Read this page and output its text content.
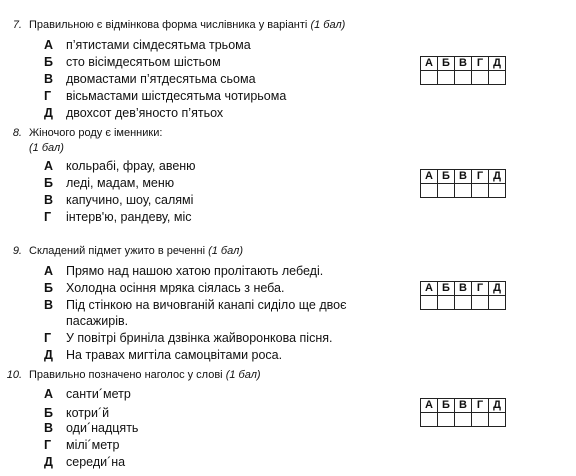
7. Правильною є відмінкова форма числівника у варіанті (1 бал)
А п’ятистами сімдесятьма трьома
Б сто вісімдесятьом шістьом
В двомастами п’ятдесятьма сьома
Г вісьмастами шістдесятьма чотирьома
Д двохсот дев’яносто п’ятьох
А	Б	В	Г	Д

8. Жіночого роду є іменники:
(1 бал)
А кольрабі, фрау, авеню
Б леді, мадам, меню
В капучино, шоу, салямі
Г інтерв'ю, рандеву, міс
А	Б	В	Г	Д

9. Складений підмет ужито в реченні (1 бал)
А Прямо над нашою хатою пролітають лебеді.
Б Холодна осіння мряка сіялась з неба.
В Під стінкою на вичовганій канапі сиділо ще двоє пасажирів.
Г У повітрі бриніла дзвінка жайворонкова пісня.
Д На травах мигтіла самоцвітами роса.
А	Б	В	Г	Д

10. Правильно позначено наголос у слові (1 бал)
А санти´метр
Б котри´й
В оди´надцять
Г мілі´метр
Д середи´на
А	Б	В	Г	Д
